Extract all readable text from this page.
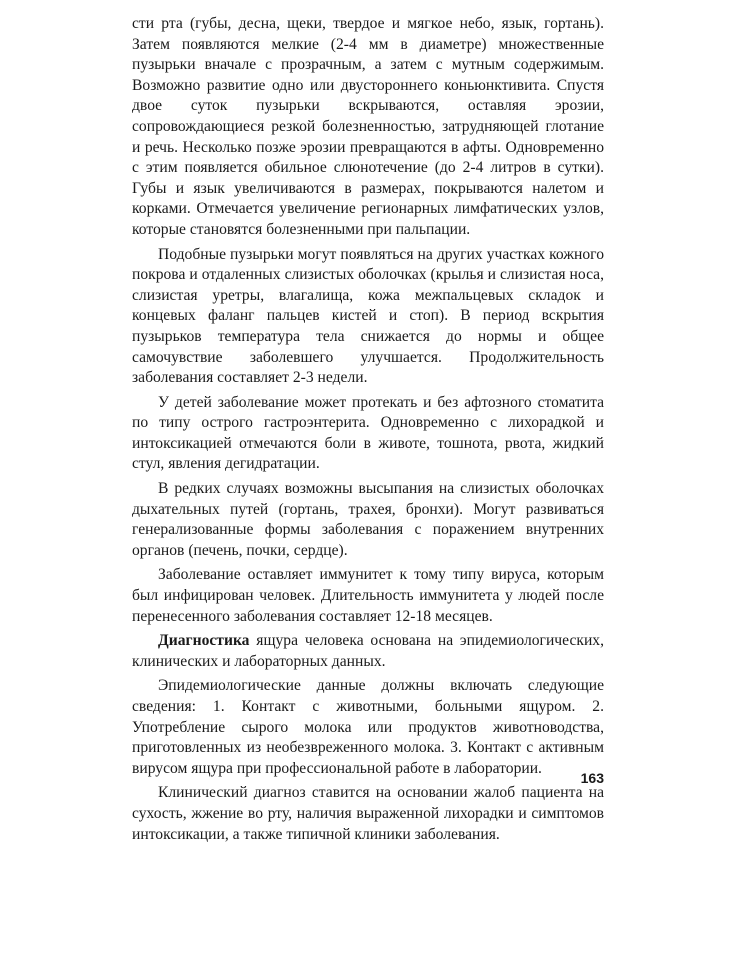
сти рта (губы, десна, щеки, твердое и мягкое небо, язык, гортань). Затем появляются мелкие (2-4 мм в диаметре) множественные пузырьки вначале с прозрачным, а затем с мутным содержимым. Возможно развитие одно или двустороннего коньюнктивита. Спустя двое суток пузырьки вскрываются, оставляя эрозии, сопровождающиеся резкой болезненностью, затрудняющей глотание и речь. Несколько позже эрозии превращаются в афты. Одновременно с этим появляется обильное слюнотечение (до 2-4 литров в сутки). Губы и язык увеличиваются в размерах, покрываются налетом и корками. Отмечается увеличение регионарных лимфатических узлов, которые становятся болезненными при пальпации.

Подобные пузырьки могут появляться на других участках кожного покрова и отдаленных слизистых оболочках (крылья и слизистая носа, слизистая уретры, влагалища, кожа межпальцевых складок и концевых фаланг пальцев кистей и стоп). В период вскрытия пузырьков температура тела снижается до нормы и общее самочувствие заболевшего улучшается. Продолжительность заболевания составляет 2-3 недели.

У детей заболевание может протекать и без афтозного стоматита по типу острого гастроэнтерита. Одновременно с лихорадкой и интоксикацией отмечаются боли в животе, тошнота, рвота, жидкий стул, явления дегидратации.

В редких случаях возможны высыпания на слизистых оболочках дыхательных путей (гортань, трахея, бронхи). Могут развиваться генерализованные формы заболевания с поражением внутренних органов (печень, почки, сердце).

Заболевание оставляет иммунитет к тому типу вируса, которым был инфицирован человек. Длительность иммунитета у людей после перенесенного заболевания составляет 12-18 месяцев.

Диагностика ящура человека основана на эпидемиологических, клинических и лабораторных данных.

Эпидемиологические данные должны включать следующие сведения: 1. Контакт с животными, больными ящуром. 2. Употребление сырого молока или продуктов животноводства, приготовленных из необезвреженного молока. 3. Контакт с активным вирусом ящура при профессиональной работе в лаборатории.

Клинический диагноз ставится на основании жалоб пациента на сухость, жжение во рту, наличия выраженной лихорадки и симптомов интоксикации, а также типичной клиники заболевания.

163
